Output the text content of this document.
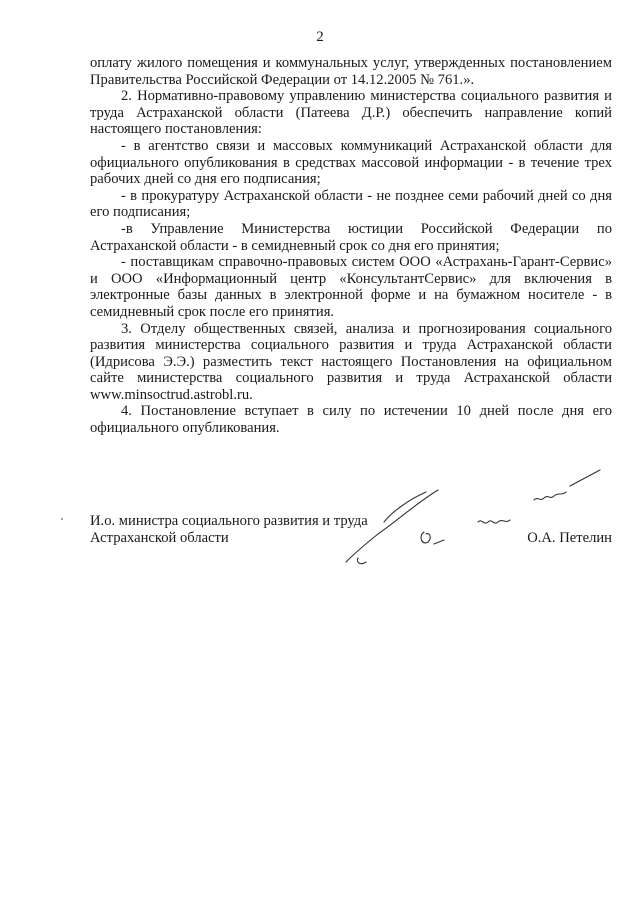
2

оплату жилого помещения и коммунальных услуг, утвержденных постановлением Правительства Российской Федерации от 14.12.2005 № 761.».

2. Нормативно-правовому управлению министерства социального развития и труда Астраханской области (Патеева Д.Р.) обеспечить направление копий настоящего постановления:

- в агентство связи и массовых коммуникаций Астраханской области для официального опубликования в средствах массовой информации - в течение трех рабочих дней со дня его подписания;

- в прокуратуру Астраханской области - не позднее семи рабочий дней со дня его подписания;

-в Управление Министерства юстиции Российской Федерации по Астраханской области - в семидневный срок со дня его принятия;

- поставщикам справочно-правовых систем ООО «Астрахань-Гарант-Сервис» и ООО «Информационный центр «КонсультантСервис» для включения в электронные базы данных в электронной форме и на бумажном носителе - в семидневный срок после его принятия.

3. Отделу общественных связей, анализа и прогнозирования социального развития министерства социального развития и труда Астраханской области (Идрисова Э.Э.) разместить текст настоящего Постановления на официальном сайте министерства социального развития и труда Астраханской области www.minsoctrud.astrobl.ru.

4. Постановление вступает в силу по истечении 10 дней после дня его официального опубликования.

И.о. министра социального развития и труда
Астраханской области	О.А. Петелин
